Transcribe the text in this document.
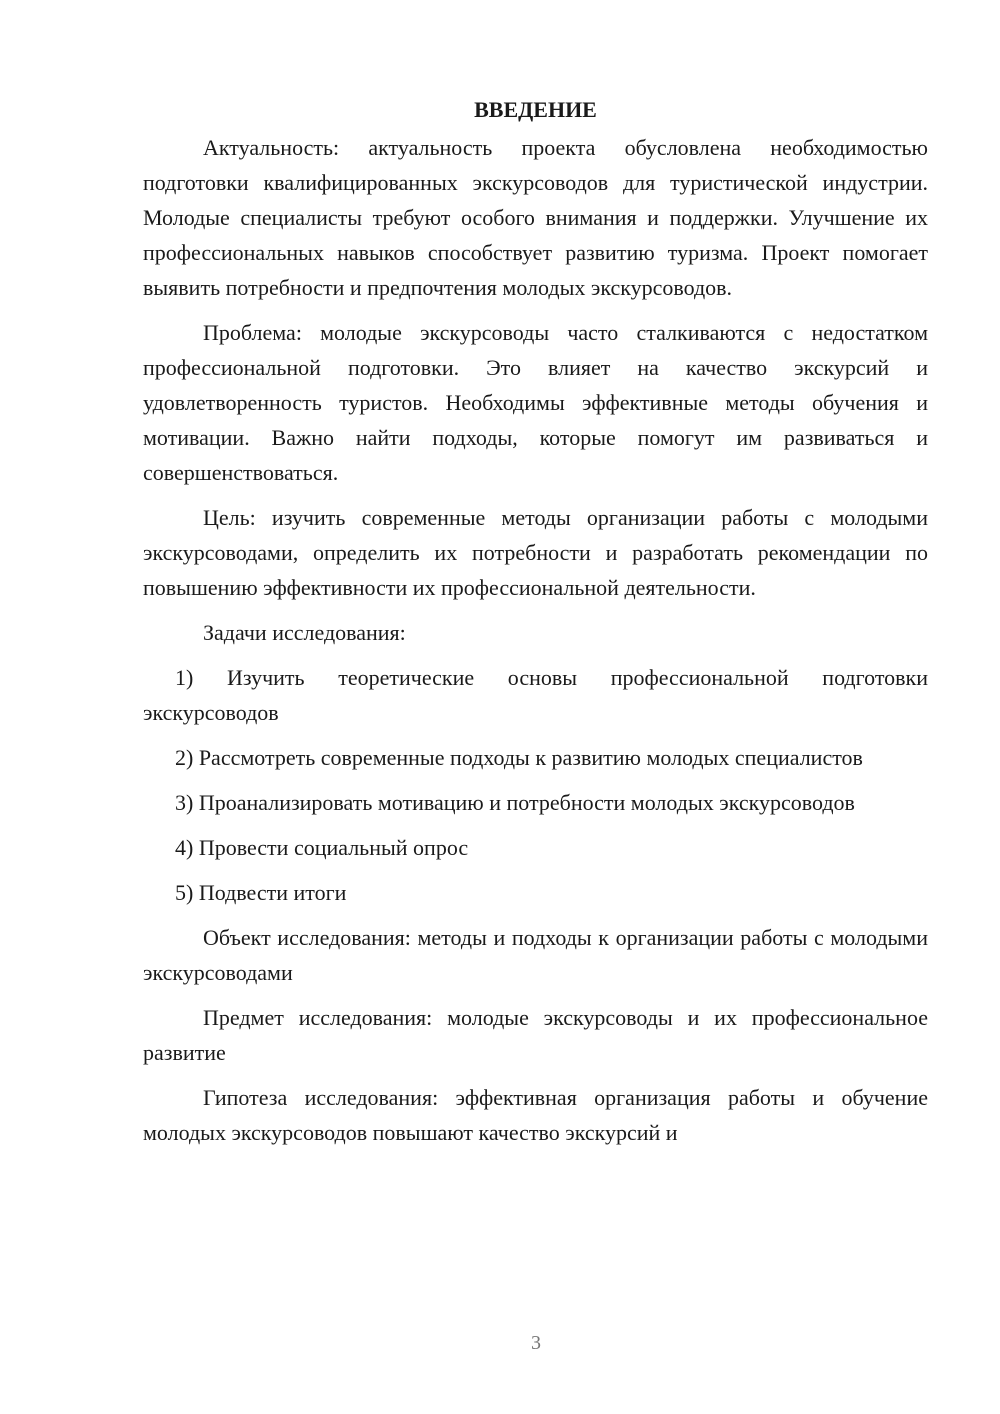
ВВЕДЕНИЕ

Актуальность: актуальность проекта обусловлена необходимостью подготовки квалифицированных экскурсоводов для туристической индустрии. Молодые специалисты требуют особого внимания и поддержки. Улучшение их профессиональных навыков способствует развитию туризма. Проект помогает выявить потребности и предпочтения молодых экскурсоводов.

Проблема: молодые экскурсоводы часто сталкиваются с недостатком профессиональной подготовки. Это влияет на качество экскурсий и удовлетворенность туристов. Необходимы эффективные методы обучения и мотивации. Важно найти подходы, которые помогут им развиваться и совершенствоваться.

Цель: изучить современные методы организации работы с молодыми экскурсоводами, определить их потребности и разработать рекомендации по повышению эффективности их профессиональной деятельности.

Задачи исследования:

1) Изучить теоретические основы профессиональной подготовки экскурсоводов

2) Рассмотреть современные подходы к развитию молодых специалистов

3) Проанализировать мотивацию и потребности молодых экскурсоводов

4) Провести социальный опрос

5) Подвести итоги

Объект исследования: методы и подходы к организации работы с молодыми экскурсоводами

Предмет исследования: молодые экскурсоводы и их профессиональное развитие

Гипотеза исследования: эффективная организация работы и обучение молодых экскурсоводов повышают качество экскурсий и

3
